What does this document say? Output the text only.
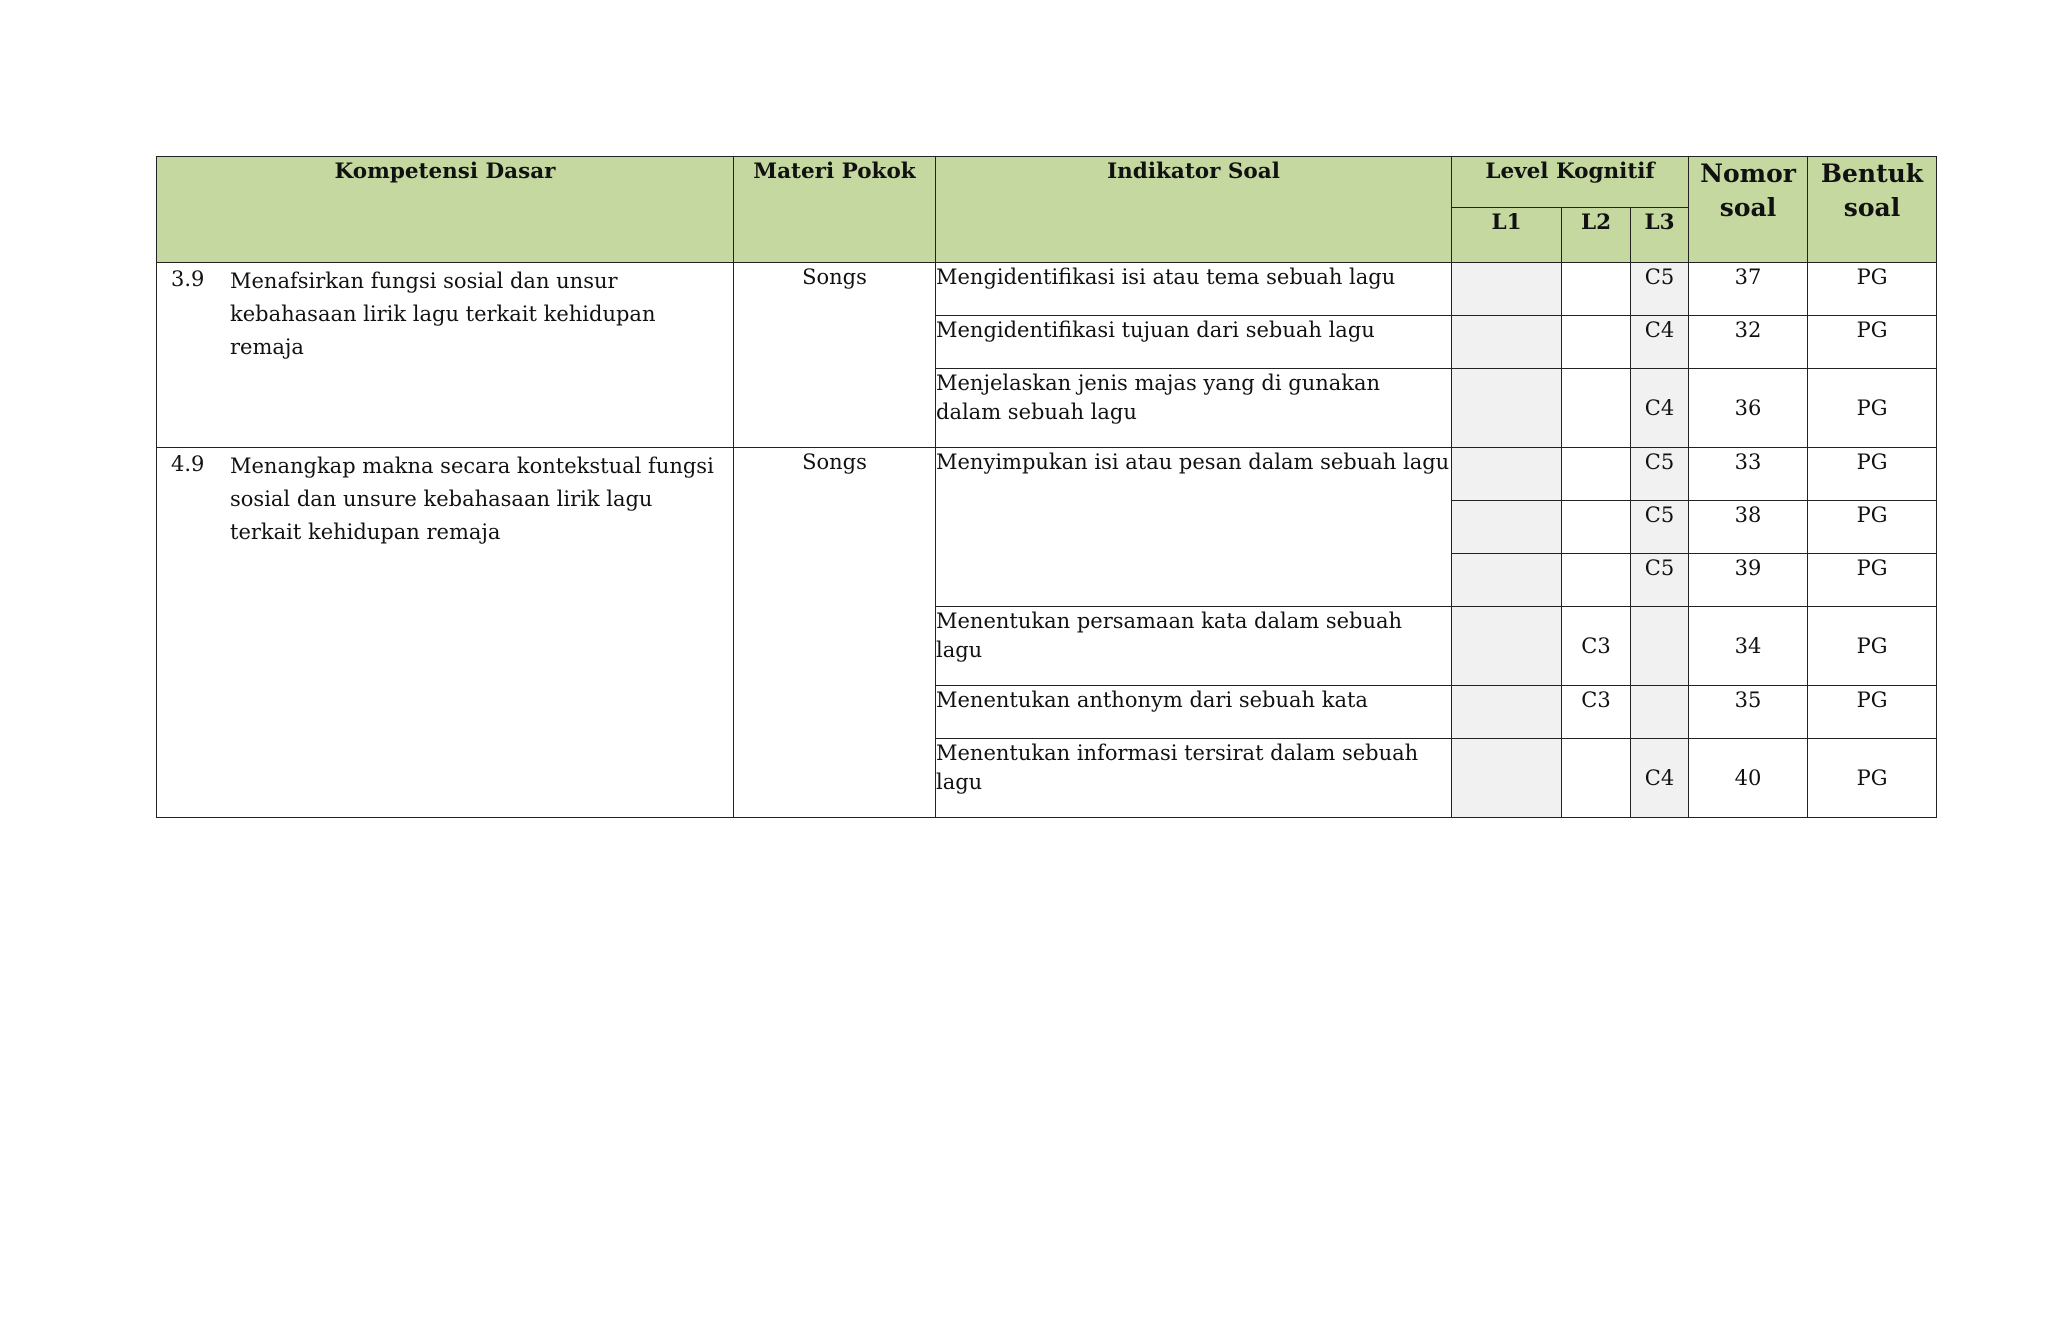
Kompetensi Dasar	Materi Pokok	Indikator Soal	Level Kognitif			Nomor soal	Bentuk soal
			L1	L2	L3		

3.9 Menafsirkan fungsi sosial dan unsur kebahasaan lirik lagu terkait kehidupan remaja	Songs	Mengidentifikasi isi atau tema sebuah lagu			C5	37	PG
		Mengidentifikasi tujuan dari sebuah lagu			C4	32	PG
		Menjelaskan jenis majas yang di gunakan dalam sebuah lagu			C4	36	PG

4.9 Menangkap makna secara kontekstual fungsi sosial dan unsure kebahasaan lirik lagu terkait kehidupan remaja	Songs	Menyimpukan isi atau pesan dalam sebuah lagu			C5	33	PG
					C5	38	PG
					C5	39	PG
		Menentukan persamaan kata dalam sebuah lagu		C3		34	PG
		Menentukan anthonym dari sebuah kata		C3		35	PG
		Menentukan informasi tersirat dalam sebuah lagu			C4	40	PG
